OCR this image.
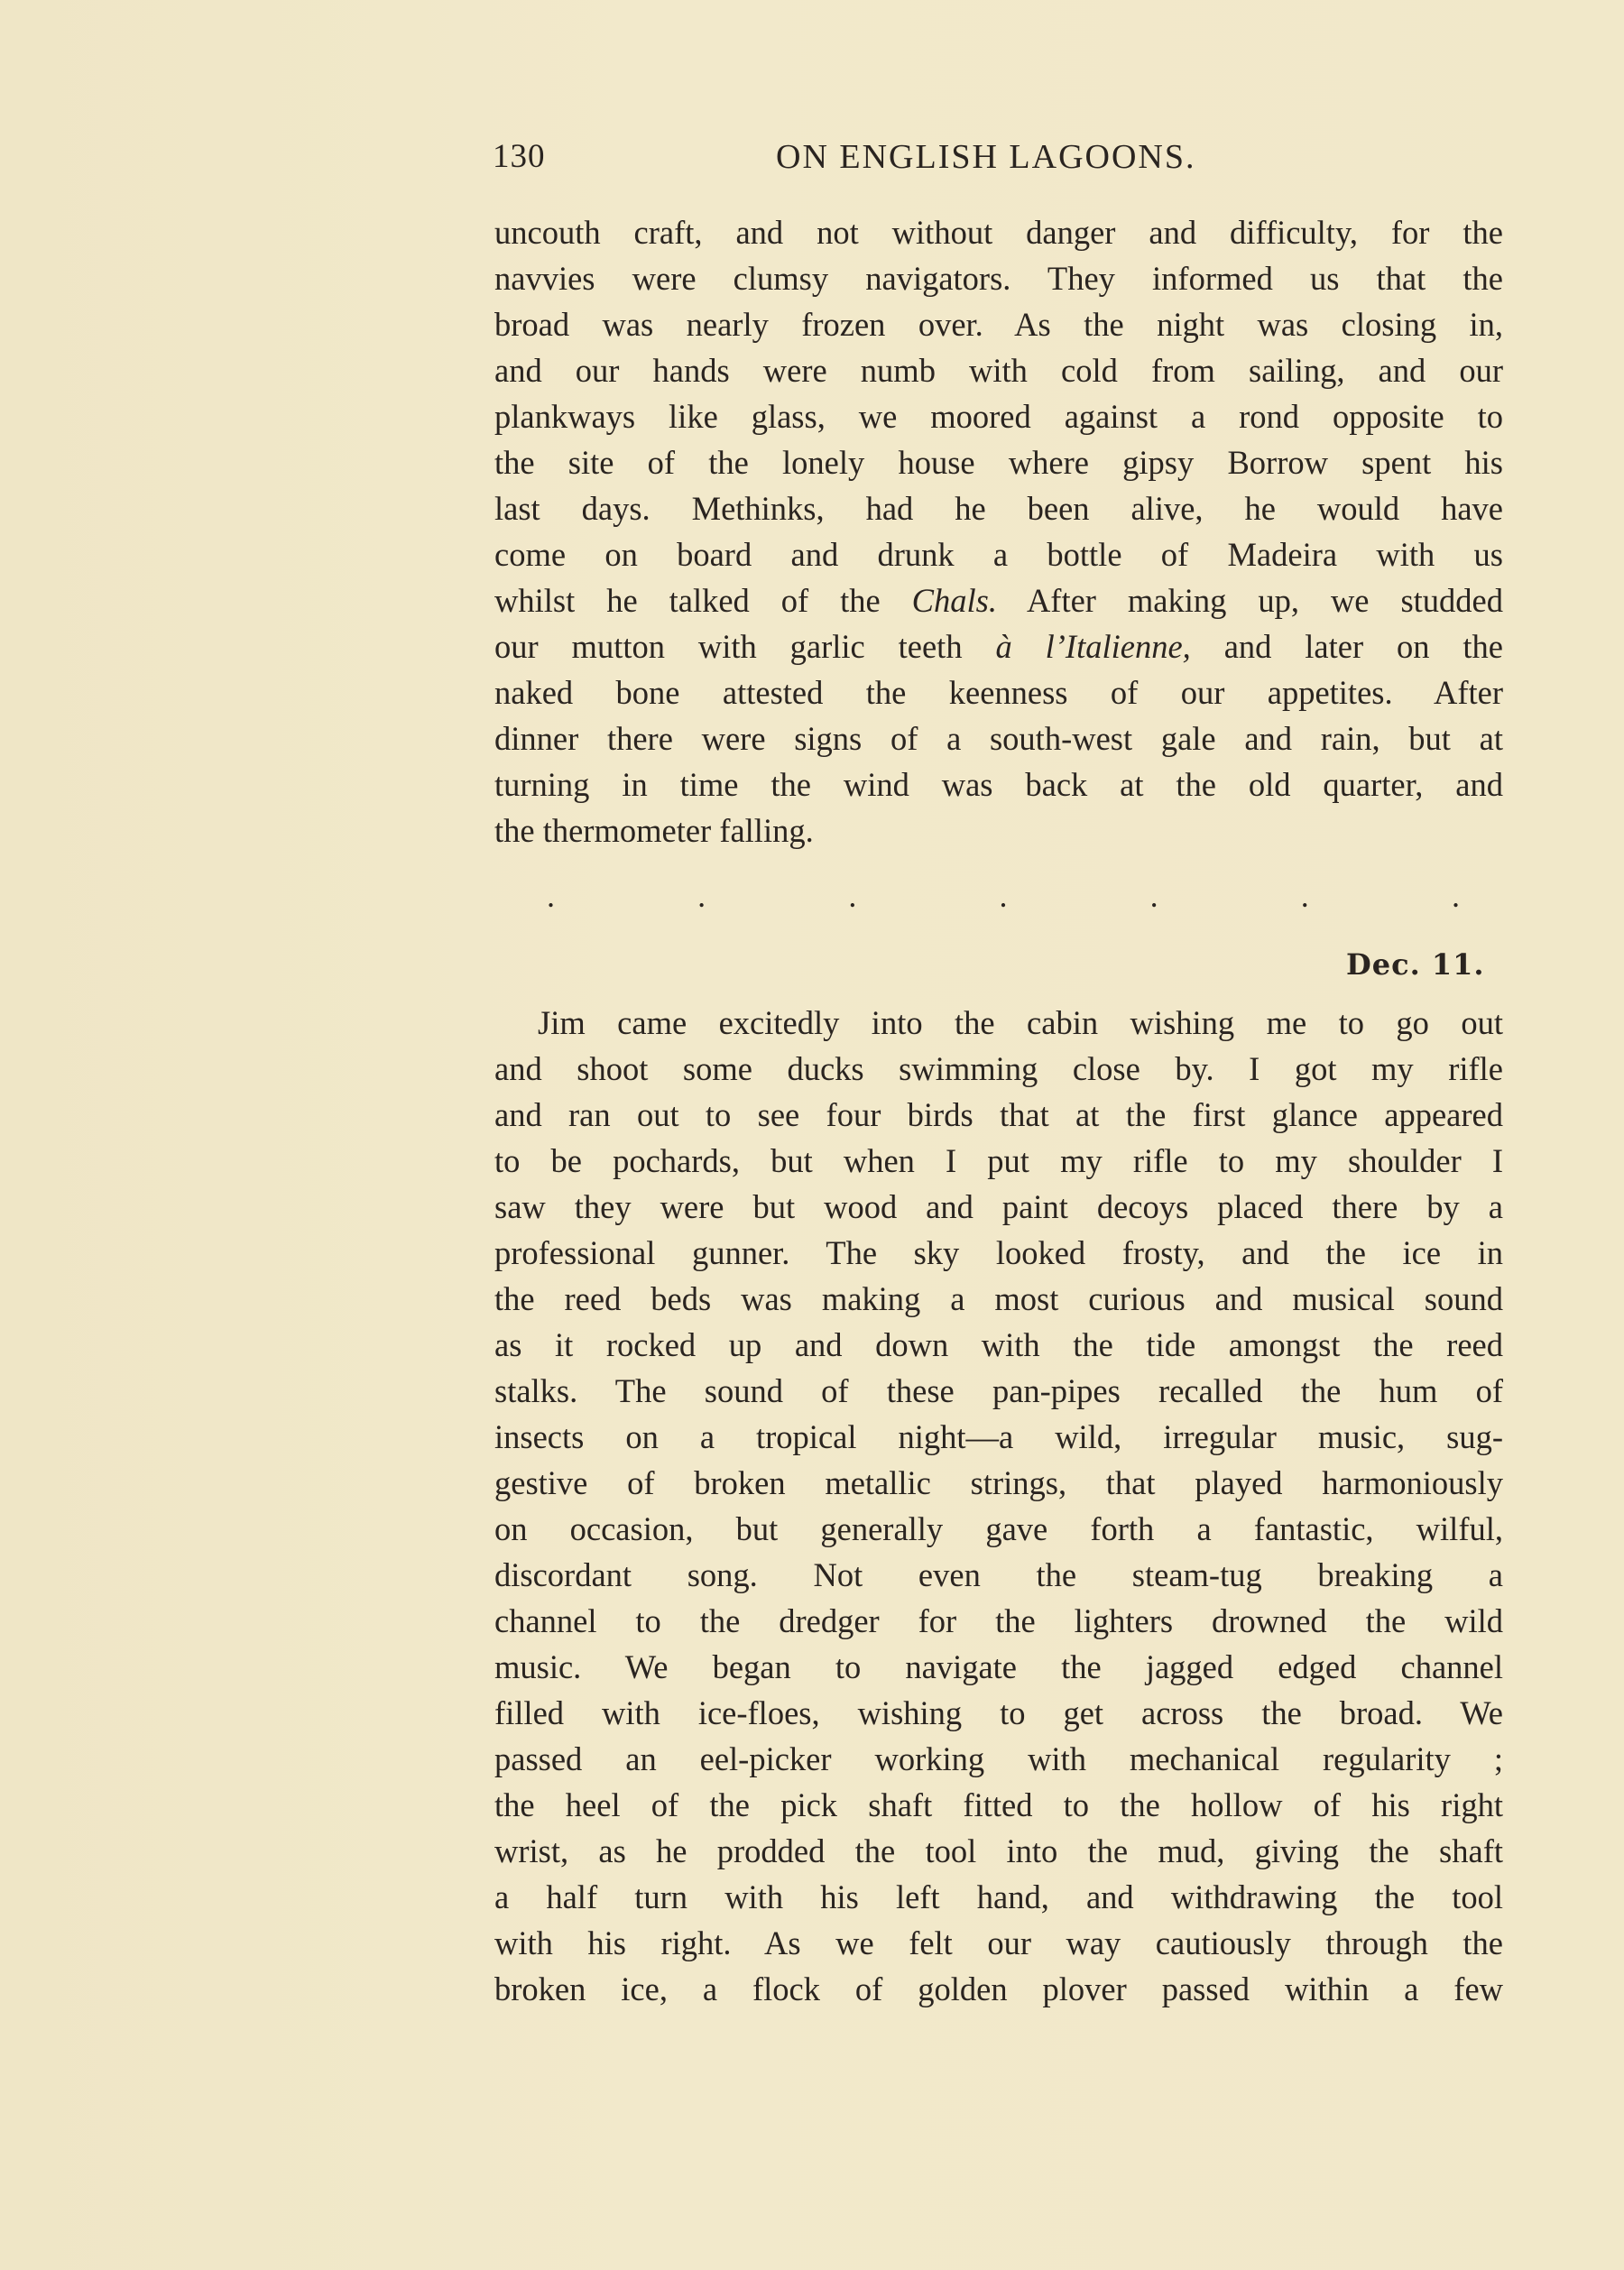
130	ON ENGLISH LAGOONS.
uncouth craft, and not without danger and difficulty, for the
navvies were clumsy navigators. They informed us that the
broad was nearly frozen over. As the night was closing in,
and our hands were numb with cold from sailing, and our
plankways like glass, we moored against a rond opposite to
the site of the lonely house where gipsy Borrow spent his
last days. Methinks, had he been alive, he would have
come on board and drunk a bottle of Madeira with us
whilst he talked of the Chals. After making up, we studded
our mutton with garlic teeth à l’Italienne, and later on the
naked bone attested the keenness of our appetites. After
dinner there were signs of a south-west gale and rain, but at
turning in time the wind was back at the old quarter, and
the thermometer falling.
.	.	.	.	.	.	.
Dec. 11.
Jim came excitedly into the cabin wishing me to go out
and shoot some ducks swimming close by. I got my rifle
and ran out to see four birds that at the first glance appeared
to be pochards, but when I put my rifle to my shoulder I
saw they were but wood and paint decoys placed there by a
professional gunner. The sky looked frosty, and the ice in
the reed beds was making a most curious and musical sound
as it rocked up and down with the tide amongst the reed
stalks. The sound of these pan-pipes recalled the hum of
insects on a tropical night—a wild, irregular music, sug-
gestive of broken metallic strings, that played harmoniously
on occasion, but generally gave forth a fantastic, wilful,
discordant song. Not even the steam-tug breaking a
channel to the dredger for the lighters drowned the wild
music. We began to navigate the jagged edged channel
filled with ice-floes, wishing to get across the broad. We
passed an eel-picker working with mechanical regularity ;
the heel of the pick shaft fitted to the hollow of his right
wrist, as he prodded the tool into the mud, giving the shaft
a half turn with his left hand, and withdrawing the tool
with his right. As we felt our way cautiously through the
broken ice, a flock of golden plover passed within a few
